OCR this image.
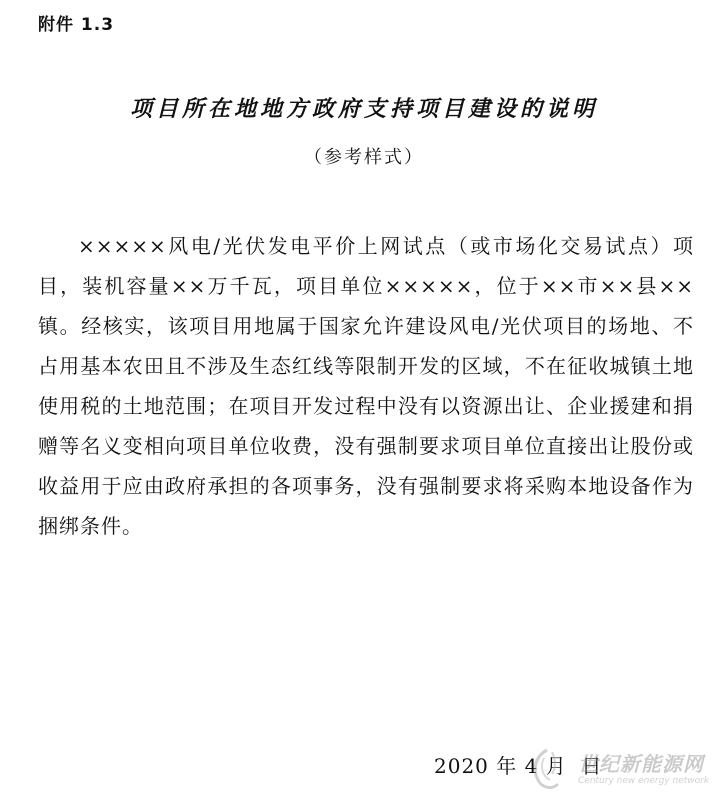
附件 1.3
项目所在地地方政府支持项目建设的说明
（参考样式）

×××××风电/光伏发电平价上网试点（或市场化交易试点）项目，装机容量××万千瓦，项目单位×××××，位于××市××县××镇。经核实，该项目用地属于国家允许建设风电/光伏项目的场地、不占用基本农田且不涉及生态红线等限制开发的区域，不在征收城镇土地使用税的土地范围；在项目开发过程中没有以资源出让、企业援建和捐赠等名义变相向项目单位收费，没有强制要求项目单位直接出让股份或收益用于应由政府承担的各项事务，没有强制要求将采购本地设备作为捆绑条件。

2020 年 4 月  日
世纪新能源网
Century new energy network
